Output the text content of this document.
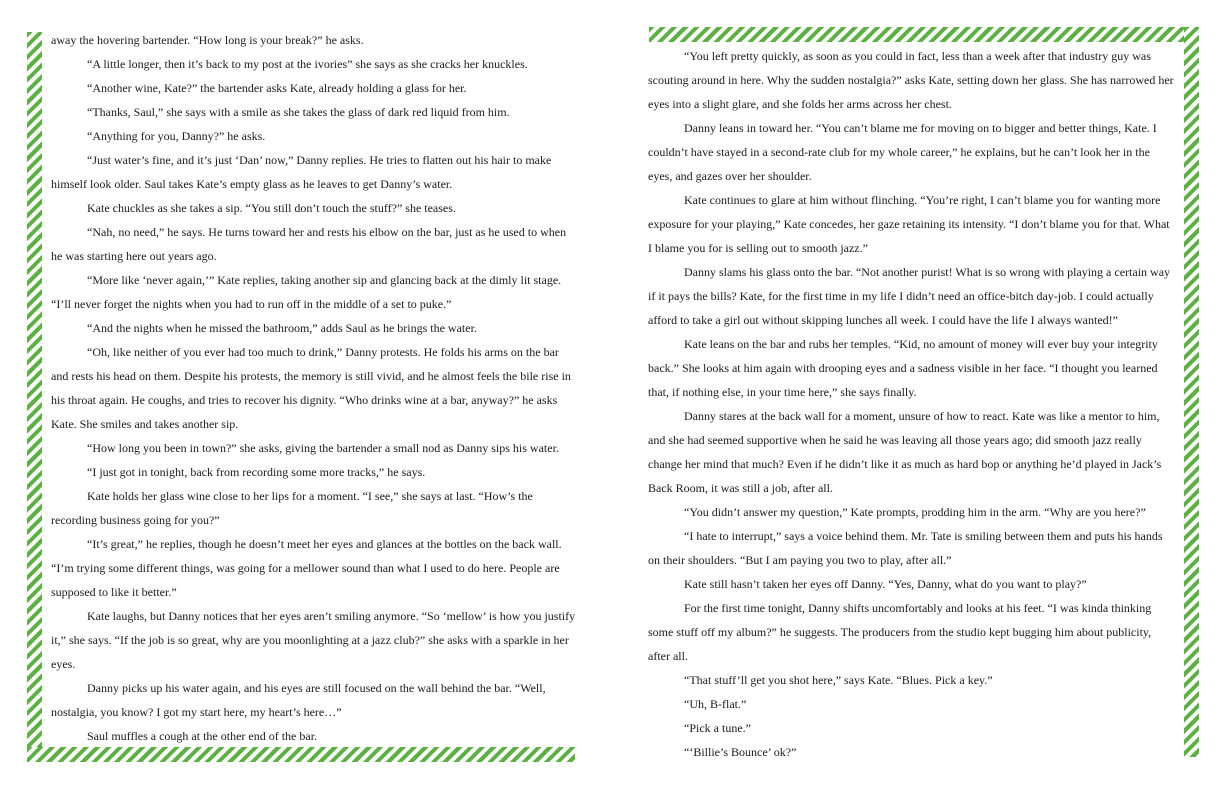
away the hovering bartender. “How long is your break?” he asks.

“A little longer, then it’s back to my post at the ivories” she says as she cracks her knuckles.

“Another wine, Kate?” the bartender asks Kate, already holding a glass for her.

“Thanks, Saul,” she says with a smile as she takes the glass of dark red liquid from him.

“Anything for you, Danny?” he asks.

“Just water’s fine, and it’s just ‘Dan’ now,” Danny replies. He tries to flatten out his hair to make himself look older. Saul takes Kate’s empty glass as he leaves to get Danny’s water.

Kate chuckles as she takes a sip. “You still don’t touch the stuff?” she teases.

“Nah, no need,” he says. He turns toward her and rests his elbow on the bar, just as he used to when he was starting here out years ago.

“More like ‘never again,’” Kate replies, taking another sip and glancing back at the dimly lit stage. “I’ll never forget the nights when you had to run off in the middle of a set to puke.”

“And the nights when he missed the bathroom,” adds Saul as he brings the water.

“Oh, like neither of you ever had too much to drink,” Danny protests. He folds his arms on the bar and rests his head on them. Despite his protests, the memory is still vivid, and he almost feels the bile rise in his throat again. He coughs, and tries to recover his dignity. “Who drinks wine at a bar, anyway?” he asks Kate. She smiles and takes another sip.

“How long you been in town?” she asks, giving the bartender a small nod as Danny sips his water.

“I just got in tonight, back from recording some more tracks,” he says.

Kate holds her glass wine close to her lips for a moment. “I see,” she says at last. “How’s the recording business going for you?”

“It’s great,” he replies, though he doesn’t meet her eyes and glances at the bottles on the back wall. “I’m trying some different things, was going for a mellower sound than what I used to do here. People are supposed to like it better.”

Kate laughs, but Danny notices that her eyes aren’t smiling anymore. “So ‘mellow’ is how you justify it,” she says. “If the job is so great, why are you moonlighting at a jazz club?” she asks with a sparkle in her eyes.

Danny picks up his water again, and his eyes are still focused on the wall behind the bar. “Well, nostalgia, you know? I got my start here, my heart’s here…”

Saul muffles a cough at the other end of the bar.

“You left pretty quickly, as soon as you could in fact, less than a week after that industry guy was scouting around in here. Why the sudden nostalgia?” asks Kate, setting down her glass. She has narrowed her eyes into a slight glare, and she folds her arms across her chest.

Danny leans in toward her. “You can’t blame me for moving on to bigger and better things, Kate. I couldn’t have stayed in a second-rate club for my whole career,” he explains, but he can’t look her in the eyes, and gazes over her shoulder.

Kate continues to glare at him without flinching. “You’re right, I can’t blame you for wanting more exposure for your playing,” Kate concedes, her gaze retaining its intensity. “I don’t blame you for that. What I blame you for is selling out to smooth jazz.”

Danny slams his glass onto the bar. “Not another purist! What is so wrong with playing a certain way if it pays the bills? Kate, for the first time in my life I didn’t need an office-bitch day-job. I could actually afford to take a girl out without skipping lunches all week. I could have the life I always wanted!”

Kate leans on the bar and rubs her temples. “Kid, no amount of money will ever buy your integrity back.” She looks at him again with drooping eyes and a sadness visible in her face. “I thought you learned that, if nothing else, in your time here,” she says finally.

Danny stares at the back wall for a moment, unsure of how to react. Kate was like a mentor to him, and she had seemed supportive when he said he was leaving all those years ago; did smooth jazz really change her mind that much? Even if he didn’t like it as much as hard bop or anything he’d played in Jack’s Back Room, it was still a job, after all.

“You didn’t answer my question,” Kate prompts, prodding him in the arm. “Why are you here?”

“I hate to interrupt,” says a voice behind them. Mr. Tate is smiling between them and puts his hands on their shoulders. “But I am paying you two to play, after all.”

Kate still hasn’t taken her eyes off Danny. “Yes, Danny, what do you want to play?”

For the first time tonight, Danny shifts uncomfortably and looks at his feet. “I was kinda thinking some stuff off my album?” he suggests. The producers from the studio kept bugging him about publicity, after all.

“That stuff’ll get you shot here,” says Kate. “Blues. Pick a key.”

“Uh, B-flat.”

“Pick a tune.”

“‘Billie’s Bounce’ ok?”
